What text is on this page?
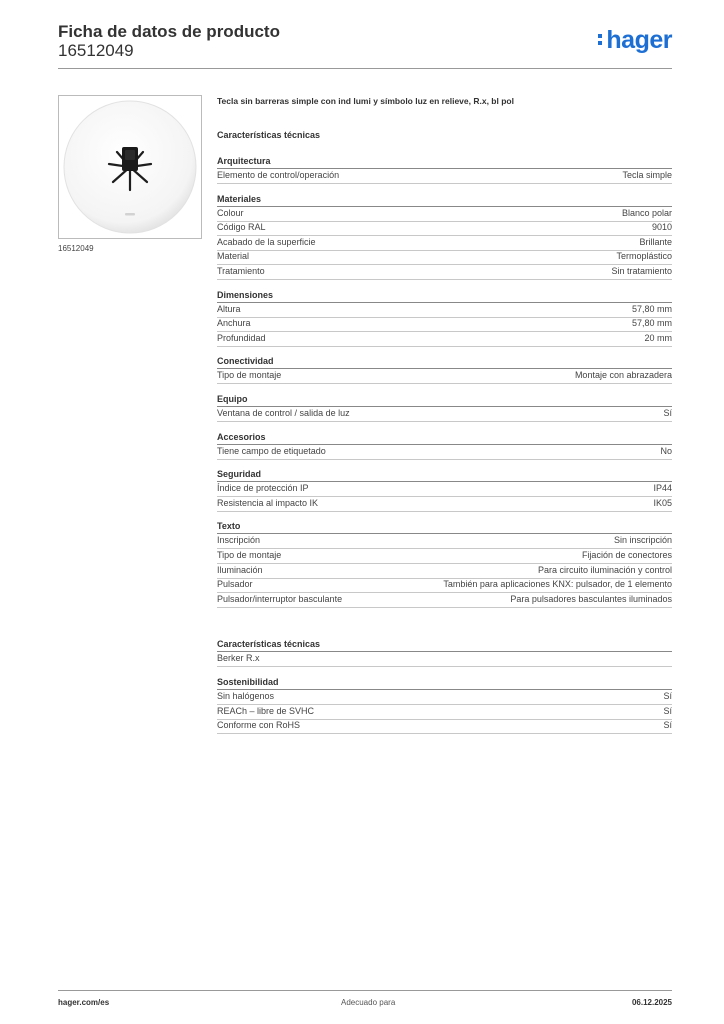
Ficha de datos de producto
16512049	hager
16512049
Tecla sin barreras simple con ind lumi y símbolo luz en relieve, R.x, bl pol
Características técnicas
Arquitectura
Elemento de control/operación	Tecla simple
Materiales
Colour	Blanco polar
Código RAL	9010
Acabado de la superficie	Brillante
Material	Termoplástico
Tratamiento	Sin tratamiento
Dimensiones
Altura	57,80 mm
Anchura	57,80 mm
Profundidad	20 mm
Conectividad
Tipo de montaje	Montaje con abrazadera
Equipo
Ventana de control / salida de luz	Sí
Accesorios
Tiene campo de etiquetado	No
Seguridad
Índice de protección IP	IP44
Resistencia al impacto IK	IK05
Texto
Inscripción	Sin inscripción
Tipo de montaje	Fijación de conectores
Iluminación	Para circuito iluminación y control
Pulsador	También para aplicaciones KNX: pulsador, de 1 elemento
Pulsador/interruptor basculante	Para pulsadores basculantes iluminados
Características técnicas
Berker R.x
Sostenibilidad
Sin halógenos	Sí
REACh – libre de SVHC	Sí
Conforme con RoHS	Sí
hager.com/es	Adecuado para	06.12.2025
